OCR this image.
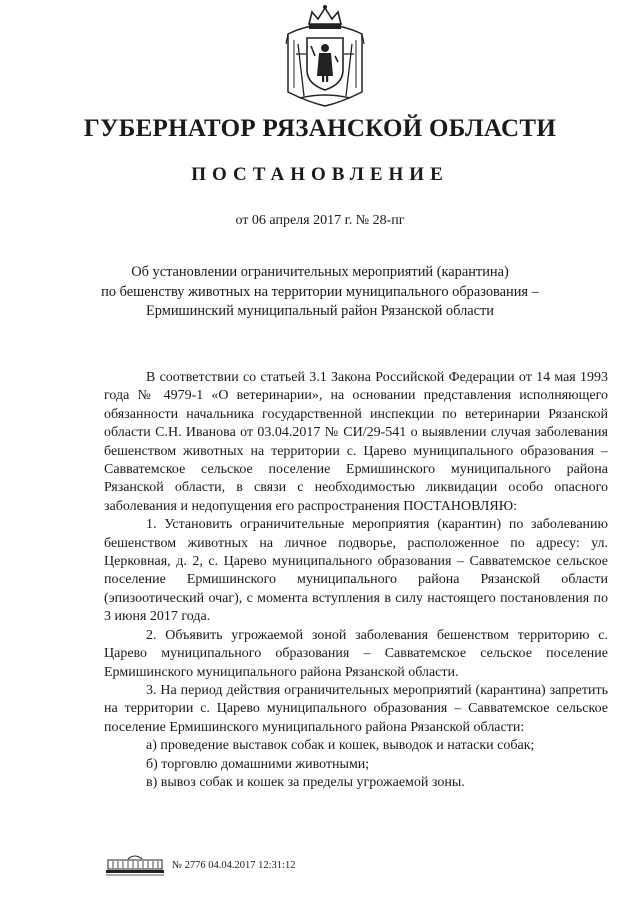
ГУБЕРНАТОР РЯЗАНСКОЙ ОБЛАСТИ
ПОСТАНОВЛЕНИЕ
от 06 апреля 2017 г. № 28-пг
Об установлении ограничительных мероприятий (карантина)
по бешенству животных на территории муниципального образования –
Ермишинский муниципальный район Рязанской области

В соответствии со статьей 3.1 Закона Российской Федерации от 14 мая 1993 года № 4979-1 «О ветеринарии», на основании представления исполняющего обязанности начальника государственной инспекции по ветеринарии Рязанской области С.Н. Иванова от 03.04.2017 № СИ/29-541 о выявлении случая заболевания бешенством животных на территории с. Царево муниципального образования – Савватемское сельское поселение Ермишинского муниципального района Рязанской области, в связи с необходимостью ликвидации особо опасного заболевания и недопущения его распространения ПОСТАНОВЛЯЮ:

1. Установить ограничительные мероприятия (карантин) по заболеванию бешенством животных на личное подворье, расположенное по адресу: ул. Церковная, д. 2, с. Царево муниципального образования – Савватемское сельское поселение Ермишинского муниципального района Рязанской области (эпизоотический очаг), с момента вступления в силу настоящего постановления по 3 июня 2017 года.

2. Объявить угрожаемой зоной заболевания бешенством территорию с. Царево муниципального образования – Савватемское сельское поселение Ермишинского муниципального района Рязанской области.

3. На период действия ограничительных мероприятий (карантина) запретить на территории с. Царево муниципального образования – Савватемское сельское поселение Ермишинского муниципального района Рязанской области:

а) проведение выставок собак и кошек, выводок и натаски собак;

б) торговлю домашними животными;

в) вывоз собак и кошек за пределы угрожаемой зоны.

№ 2776 04.04.2017 12:31:12
